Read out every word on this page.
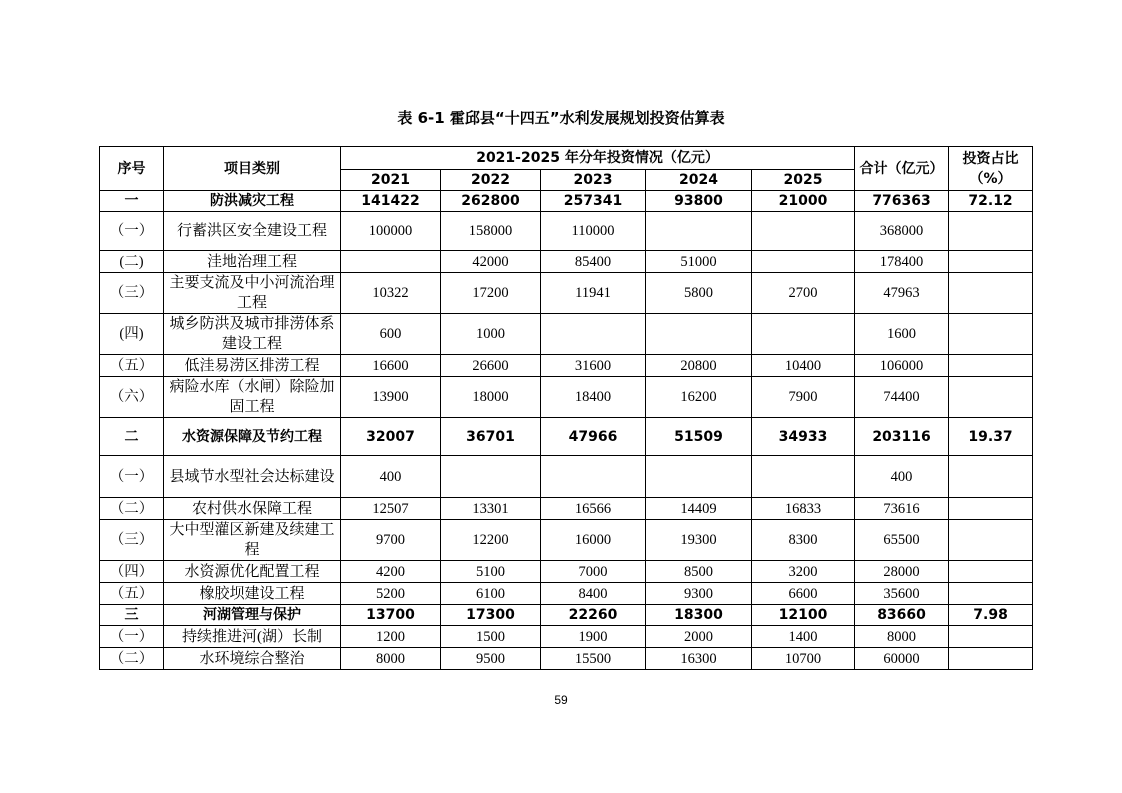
表 6-1 霍邱县“十四五”水利发展规划投资估算表
序号	项目类别	2021-2025 年分年投资情况（亿元）					合计（亿元）	投资占比（%）
		2021	2022	2023	2024	2025		
一	防洪减灾工程	141422	262800	257341	93800	21000	776363	72.12
（一）	行蓄洪区安全建设工程	100000	158000	110000			368000	
(二)	洼地治理工程		42000	85400	51000		178400	
（三）	主要支流及中小河流治理工程	10322	17200	11941	5800	2700	47963	
(四)	城乡防洪及城市排涝体系建设工程	600	1000				1600	
（五）	低洼易涝区排涝工程	16600	26600	31600	20800	10400	106000	
（六）	病险水库（水闸）除险加固工程	13900	18000	18400	16200	7900	74400	
二	水资源保障及节约工程	32007	36701	47966	51509	34933	203116	19.37
（一）	县域节水型社会达标建设	400					400	
（二）	农村供水保障工程	12507	13301	16566	14409	16833	73616	
（三）	大中型灌区新建及续建工程	9700	12200	16000	19300	8300	65500	
（四）	水资源优化配置工程	4200	5100	7000	8500	3200	28000	
（五）	橡胶坝建设工程	5200	6100	8400	9300	6600	35600	
三	河湖管理与保护	13700	17300	22260	18300	12100	83660	7.98
（一）	持续推进河(湖）长制	1200	1500	1900	2000	1400	8000	
（二）	水环境综合整治	8000	9500	15500	16300	10700	60000	
59
